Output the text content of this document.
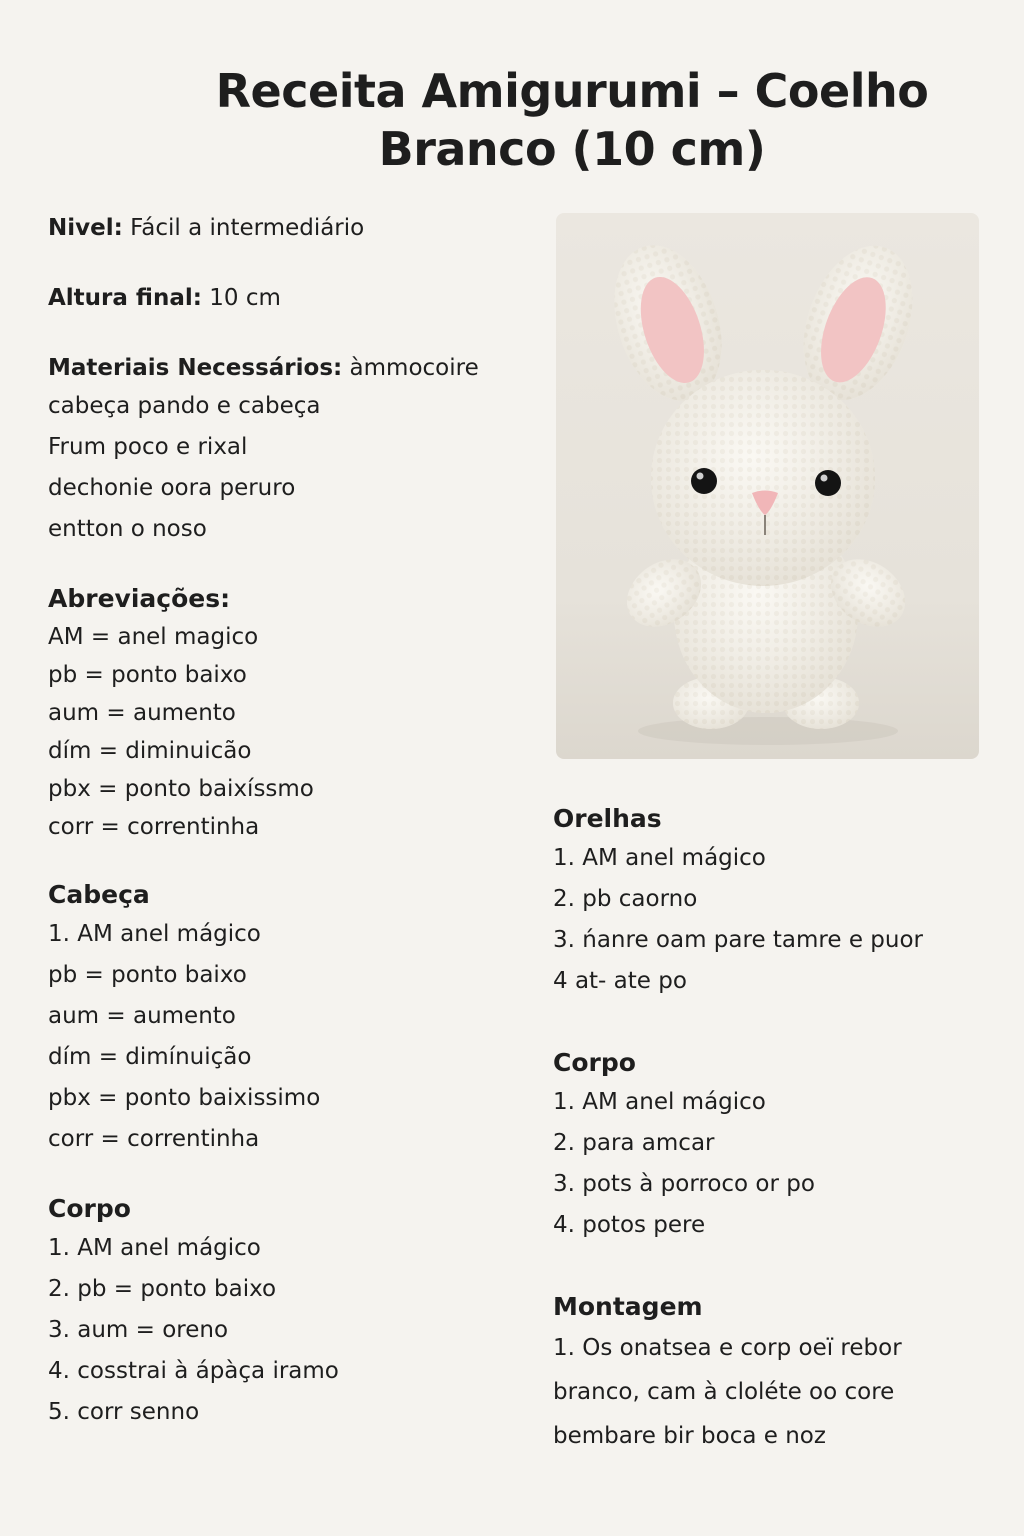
Receita Amigurumi – Coelho Branco (10 cm)

Nivel: Fácil a intermediário

Altura final: 10 cm

Materiais Necessários: àmmocoire

cabeça pando e cabeça

Frum poco e rixal

dechonie oora peruro

entton o noso

Abreviações:

AM = anel magico

pb = ponto baixo

aum = aumento

dím = diminuicão

pbx = ponto baixíssmo

corr = correntinha

Cabeça

1. AM anel mágico

pb = ponto baixo

aum = aumento

dím = dimínuição

pbx = ponto baixissimo

corr = correntinha

Corpo

1. AM anel mágico

2. pb = ponto baixo

3. aum = oreno

4. cosstrai à ápàça iramo

5. corr senno

Orelhas

1. AM anel mágico

2. pb caorno

3. ńanre oam pare tamre e puor

4 at- ate po

Corpo

1. AM anel mágico

2. para amcar

3. pots à porroco or po

4. potos pere

Montagem

1. Os onatsea e corp oeï rebor

branco, cam à cloléte oo core

bembare bir boca e noz
